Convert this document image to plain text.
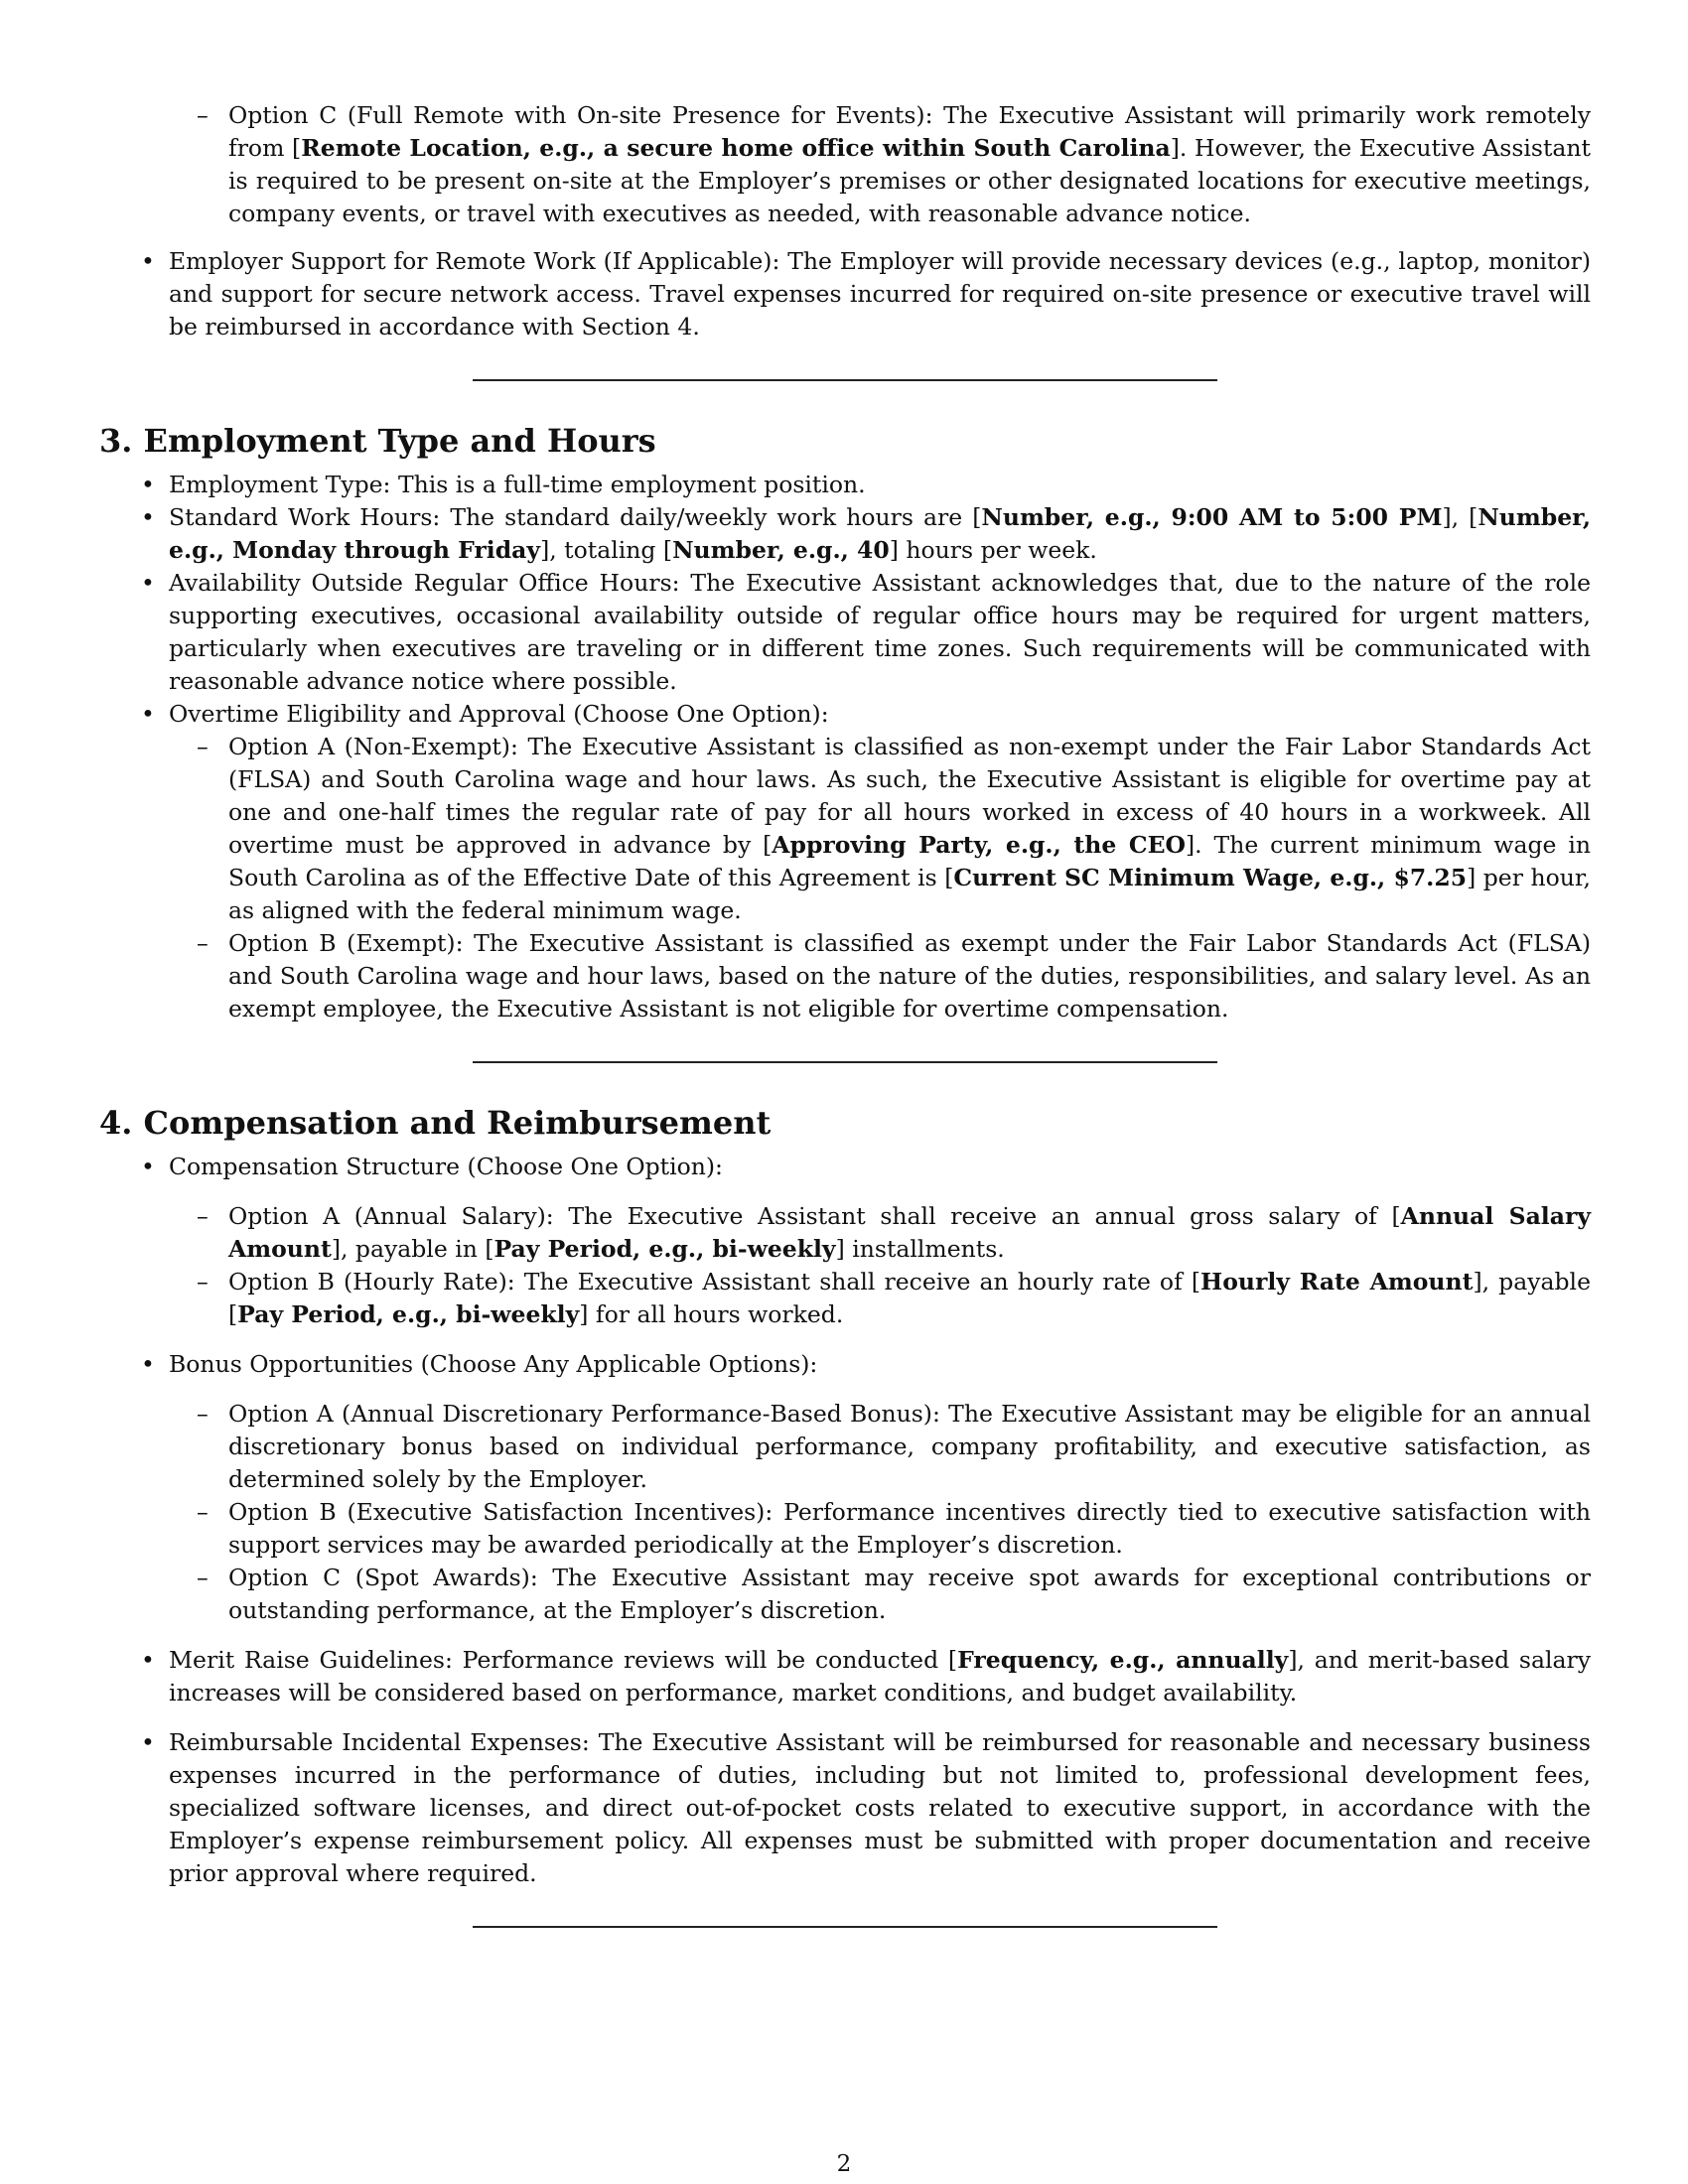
– Option C (Full Remote with On-site Presence for Events): The Executive Assistant will primarily work remotely from [Remote Location, e.g., a secure home office within South Carolina]. However, the Executive Assistant is required to be present on-site at the Employer’s premises or other designated locations for executive meetings, company events, or travel with executives as needed, with reasonable advance notice.
• Employer Support for Remote Work (If Applicable): The Employer will provide necessary devices (e.g., laptop, monitor) and support for secure network access. Travel expenses incurred for required on-site presence or executive travel will be reimbursed in accordance with Section 4.
3. Employment Type and Hours
• Employment Type: This is a full-time employment position.
• Standard Work Hours: The standard daily/weekly work hours are [Number, e.g., 9:00 AM to 5:00 PM], [Number, e.g., Monday through Friday], totaling [Number, e.g., 40] hours per week.
• Availability Outside Regular Office Hours: The Executive Assistant acknowledges that, due to the nature of the role supporting executives, occasional availability outside of regular office hours may be required for urgent matters, particularly when executives are traveling or in different time zones. Such requirements will be communicated with reasonable advance notice where possible.
• Overtime Eligibility and Approval (Choose One Option):
– Option A (Non-Exempt): The Executive Assistant is classified as non-exempt under the Fair Labor Standards Act (FLSA) and South Carolina wage and hour laws. As such, the Executive Assistant is eligible for overtime pay at one and one-half times the regular rate of pay for all hours worked in excess of 40 hours in a workweek. All overtime must be approved in advance by [Approving Party, e.g., the CEO]. The current minimum wage in South Carolina as of the Effective Date of this Agreement is [Current SC Minimum Wage, e.g., $7.25] per hour, as aligned with the federal minimum wage.
– Option B (Exempt): The Executive Assistant is classified as exempt under the Fair Labor Standards Act (FLSA) and South Carolina wage and hour laws, based on the nature of the duties, responsibilities, and salary level. As an exempt employee, the Executive Assistant is not eligible for overtime compensation.
4. Compensation and Reimbursement
• Compensation Structure (Choose One Option):
– Option A (Annual Salary): The Executive Assistant shall receive an annual gross salary of [Annual Salary Amount], payable in [Pay Period, e.g., bi-weekly] installments.
– Option B (Hourly Rate): The Executive Assistant shall receive an hourly rate of [Hourly Rate Amount], payable [Pay Period, e.g., bi-weekly] for all hours worked.
• Bonus Opportunities (Choose Any Applicable Options):
– Option A (Annual Discretionary Performance-Based Bonus): The Executive Assistant may be eligible for an annual discretionary bonus based on individual performance, company profitability, and executive satisfaction, as determined solely by the Employer.
– Option B (Executive Satisfaction Incentives): Performance incentives directly tied to executive satisfaction with support services may be awarded periodically at the Employer’s discretion.
– Option C (Spot Awards): The Executive Assistant may receive spot awards for exceptional contributions or outstanding performance, at the Employer’s discretion.
• Merit Raise Guidelines: Performance reviews will be conducted [Frequency, e.g., annually], and merit-based salary increases will be considered based on performance, market conditions, and budget availability.
• Reimbursable Incidental Expenses: The Executive Assistant will be reimbursed for reasonable and necessary business expenses incurred in the performance of duties, including but not limited to, professional development fees, specialized software licenses, and direct out-of-pocket costs related to executive support, in accordance with the Employer’s expense reimbursement policy. All expenses must be submitted with proper documentation and receive prior approval where required.
2
